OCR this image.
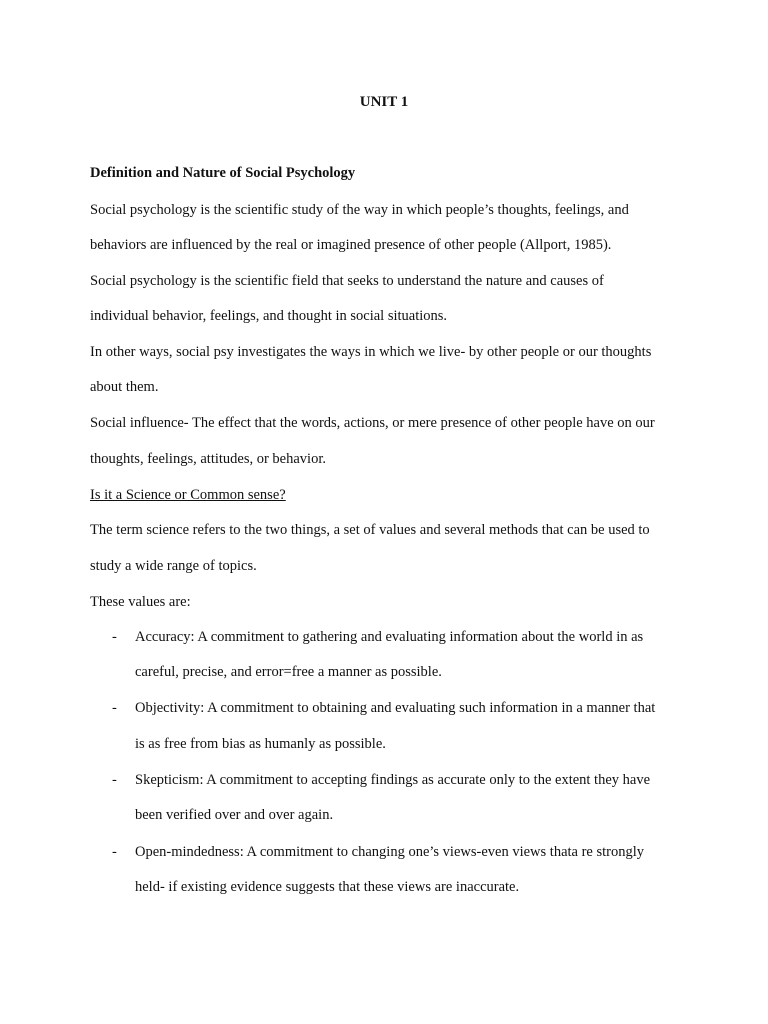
UNIT 1
Definition and Nature of Social Psychology
Social psychology is the scientific study of the way in which people’s thoughts, feelings, and
behaviors are influenced by the real or imagined presence of other people (Allport, 1985).
Social psychology is the scientific field that seeks to understand the nature and causes of
individual behavior, feelings, and thought in social situations.
In other ways, social psy investigates the ways in which we live- by other people or our thoughts
about them.
Social influence- The effect that the words, actions, or mere presence of other people have on our
thoughts, feelings, attitudes, or behavior.
Is it a Science or Common sense?
The term science refers to the two things, a set of values and several methods that can be used to
study a wide range of topics.
These values are:
- Accuracy: A commitment to gathering and evaluating information about the world in as
careful, precise, and error=free a manner as possible.
- Objectivity: A commitment to obtaining and evaluating such information in a manner that
is as free from bias as humanly as possible.
- Skepticism: A commitment to accepting findings as accurate only to the extent they have
been verified over and over again.
- Open-mindedness: A commitment to changing one’s views-even views thata re strongly
held- if existing evidence suggests that these views are inaccurate.
